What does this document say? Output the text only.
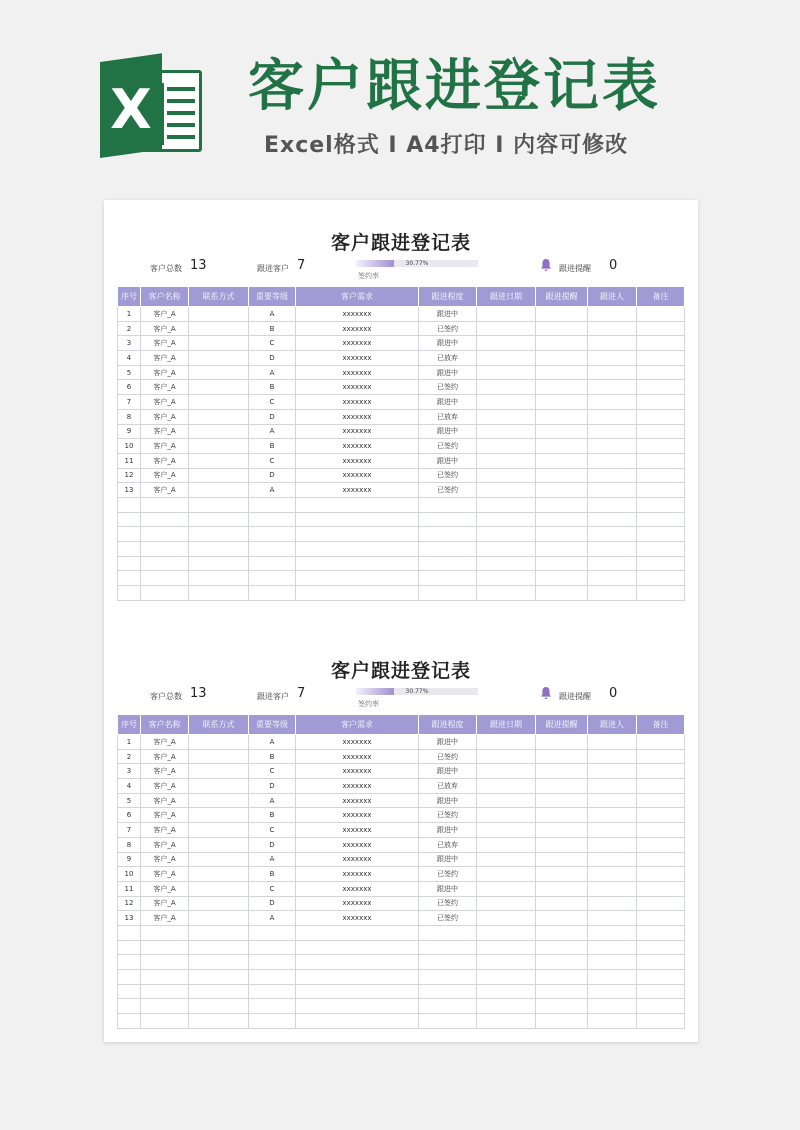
X 客户跟进登记表
Excel格式 I A4打印 I 内容可修改
客户跟进登记表
客户总数 13	跟进客户 7	30.77%
签约率
跟进提醒 0
序号	客户名称	联系方式	重要等级	客户需求	跟进程度	跟进日期	跟进提醒	跟进人	备注
1	客户_A		A	xxxxxxx	跟进中				
2	客户_A		B	xxxxxxx	已签约				
3	客户_A		C	xxxxxxx	跟进中				
4	客户_A		D	xxxxxxx	已放弃				
5	客户_A		A	xxxxxxx	跟进中				
6	客户_A		B	xxxxxxx	已签约				
7	客户_A		C	xxxxxxx	跟进中				
8	客户_A		D	xxxxxxx	已放弃				
9	客户_A		A	xxxxxxx	跟进中				
10	客户_A		B	xxxxxxx	已签约				
11	客户_A		C	xxxxxxx	跟进中				
12	客户_A		D	xxxxxxx	已签约				
13	客户_A		A	xxxxxxx	已签约				

客户跟进登记表
客户总数 13	跟进客户 7	30.77%
签约率
跟进提醒 0
序号	客户名称	联系方式	重要等级	客户需求	跟进程度	跟进日期	跟进提醒	跟进人	备注
1	客户_A		A	xxxxxxx	跟进中				
2	客户_A		B	xxxxxxx	已签约				
3	客户_A		C	xxxxxxx	跟进中				
4	客户_A		D	xxxxxxx	已放弃				
5	客户_A		A	xxxxxxx	跟进中				
6	客户_A		B	xxxxxxx	已签约				
7	客户_A		C	xxxxxxx	跟进中				
8	客户_A		D	xxxxxxx	已放弃				
9	客户_A		A	xxxxxxx	跟进中				
10	客户_A		B	xxxxxxx	已签约				
11	客户_A		C	xxxxxxx	跟进中				
12	客户_A		D	xxxxxxx	已签约				
13	客户_A		A	xxxxxxx	已签约				
